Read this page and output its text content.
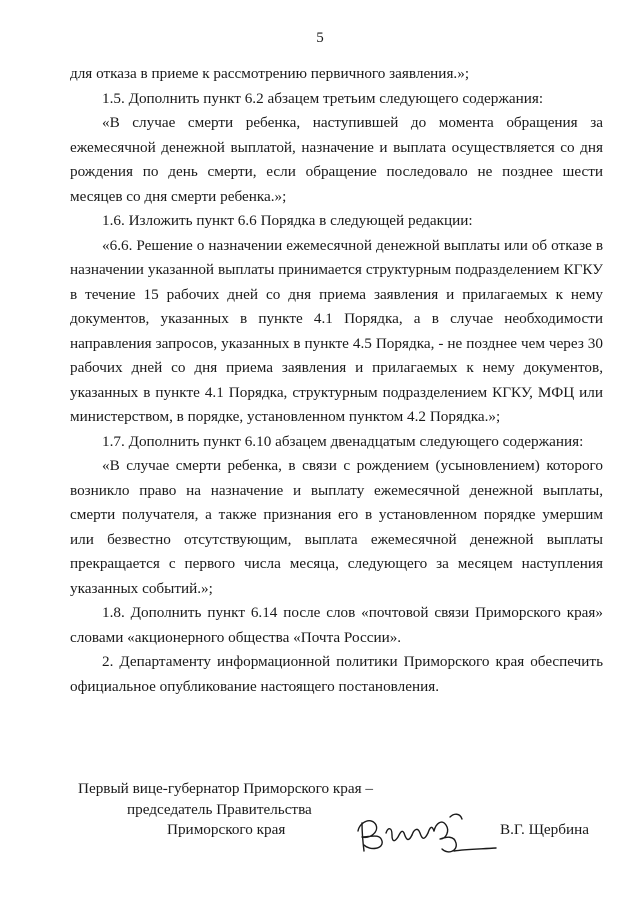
5

для отказа в приеме к рассмотрению первичного заявления.»;

1.5. Дополнить пункт 6.2 абзацем третьим следующего содержания:

«В случае смерти ребенка, наступившей до момента обращения за ежемесячной денежной выплатой, назначение и выплата осуществляется со дня рождения по день смерти, если обращение последовало не позднее шести месяцев со дня смерти ребенка.»;

1.6. Изложить пункт 6.6 Порядка в следующей редакции:

«6.6. Решение о назначении ежемесячной денежной выплаты или об отказе в назначении указанной выплаты принимается структурным подразделением КГКУ в течение 15 рабочих дней со дня приема заявления и прилагаемых к нему документов, указанных в пункте 4.1 Порядка, а в случае необходимости направления запросов, указанных в пункте 4.5 Порядка, - не позднее чем через 30 рабочих дней со дня приема заявления и прилагаемых к нему документов, указанных в пункте 4.1 Порядка, структурным подразделением КГКУ, МФЦ или министерством, в порядке, установленном пунктом 4.2 Порядка.»;

1.7. Дополнить пункт 6.10 абзацем двенадцатым следующего содержания:

«В случае смерти ребенка, в связи с рождением (усыновлением) которого возникло право на назначение и выплату ежемесячной денежной выплаты, смерти получателя, а также признания его в установленном порядке умершим или безвестно отсутствующим, выплата ежемесячной денежной выплаты прекращается с первого числа месяца, следующего за месяцем наступления указанных событий.»;

1.8. Дополнить пункт 6.14 после слов «почтовой связи Приморского края» словами «акционерного общества «Почта России».

2. Департаменту информационной политики Приморского края обеспечить официальное опубликование настоящего постановления.

Первый вице-губернатор Приморского края –
председатель Правительства
Приморского края	В.Г. Щербина
